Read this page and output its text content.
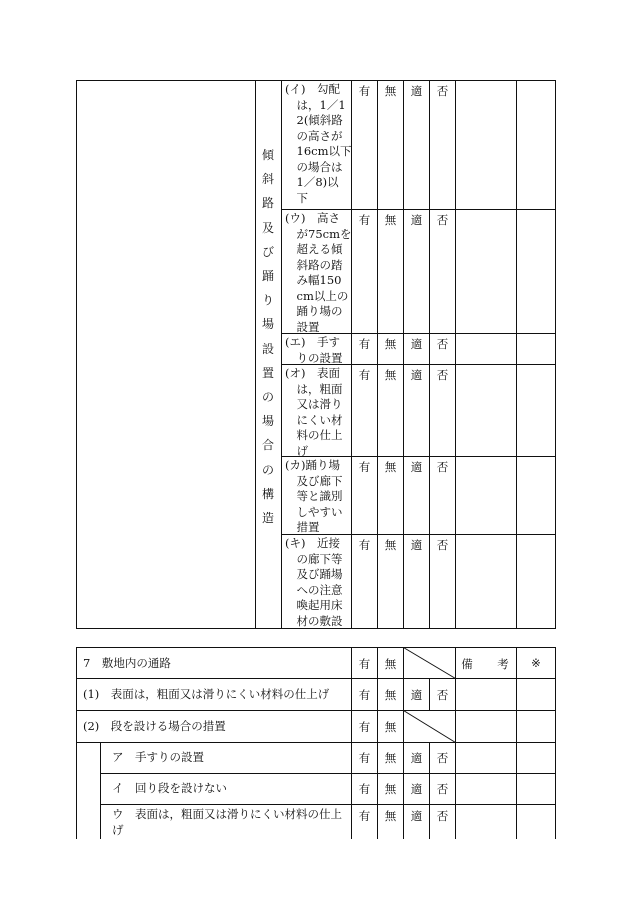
傾
斜
路
及
び
踊
り
場
設
置
の
場
合
の
構
造
(イ)　勾配
　は，1／1
　2(傾斜路
　の高さが
　16cm以下
　の場合は
　1／8)以
　下
有	無	適	否
(ウ)　高さ
　が75cmを
　超える傾
　斜路の踏
　み幅150
　cm以上の
　踊り場の
　設置
有	無	適	否
(エ)　手す
　りの設置
有	無	適	否
(オ)　表面
　は，粗面
　又は滑り
　にくい材
　料の仕上
　げ
有	無	適	否
(カ)踊り場
　及び廊下
　等と識別
　しやすい
　措置
有	無	適	否
(キ)　近接
　の廊下等
　及び踊場
　への注意
　喚起用床
　材の敷設
有	無	適	否
7　敷地内の通路	有	無	備 考	※
(1)　表面は，粗面又は滑りにくい材料の仕上げ	有	無	適	否
(2)　段を設ける場合の措置	有	無
ア　手すりの設置	有	無	適	否
イ　回り段を設けない	有	無	適	否
ウ　表面は，粗面又は滑りにくい材料の仕上
げ
有	無	適	否
